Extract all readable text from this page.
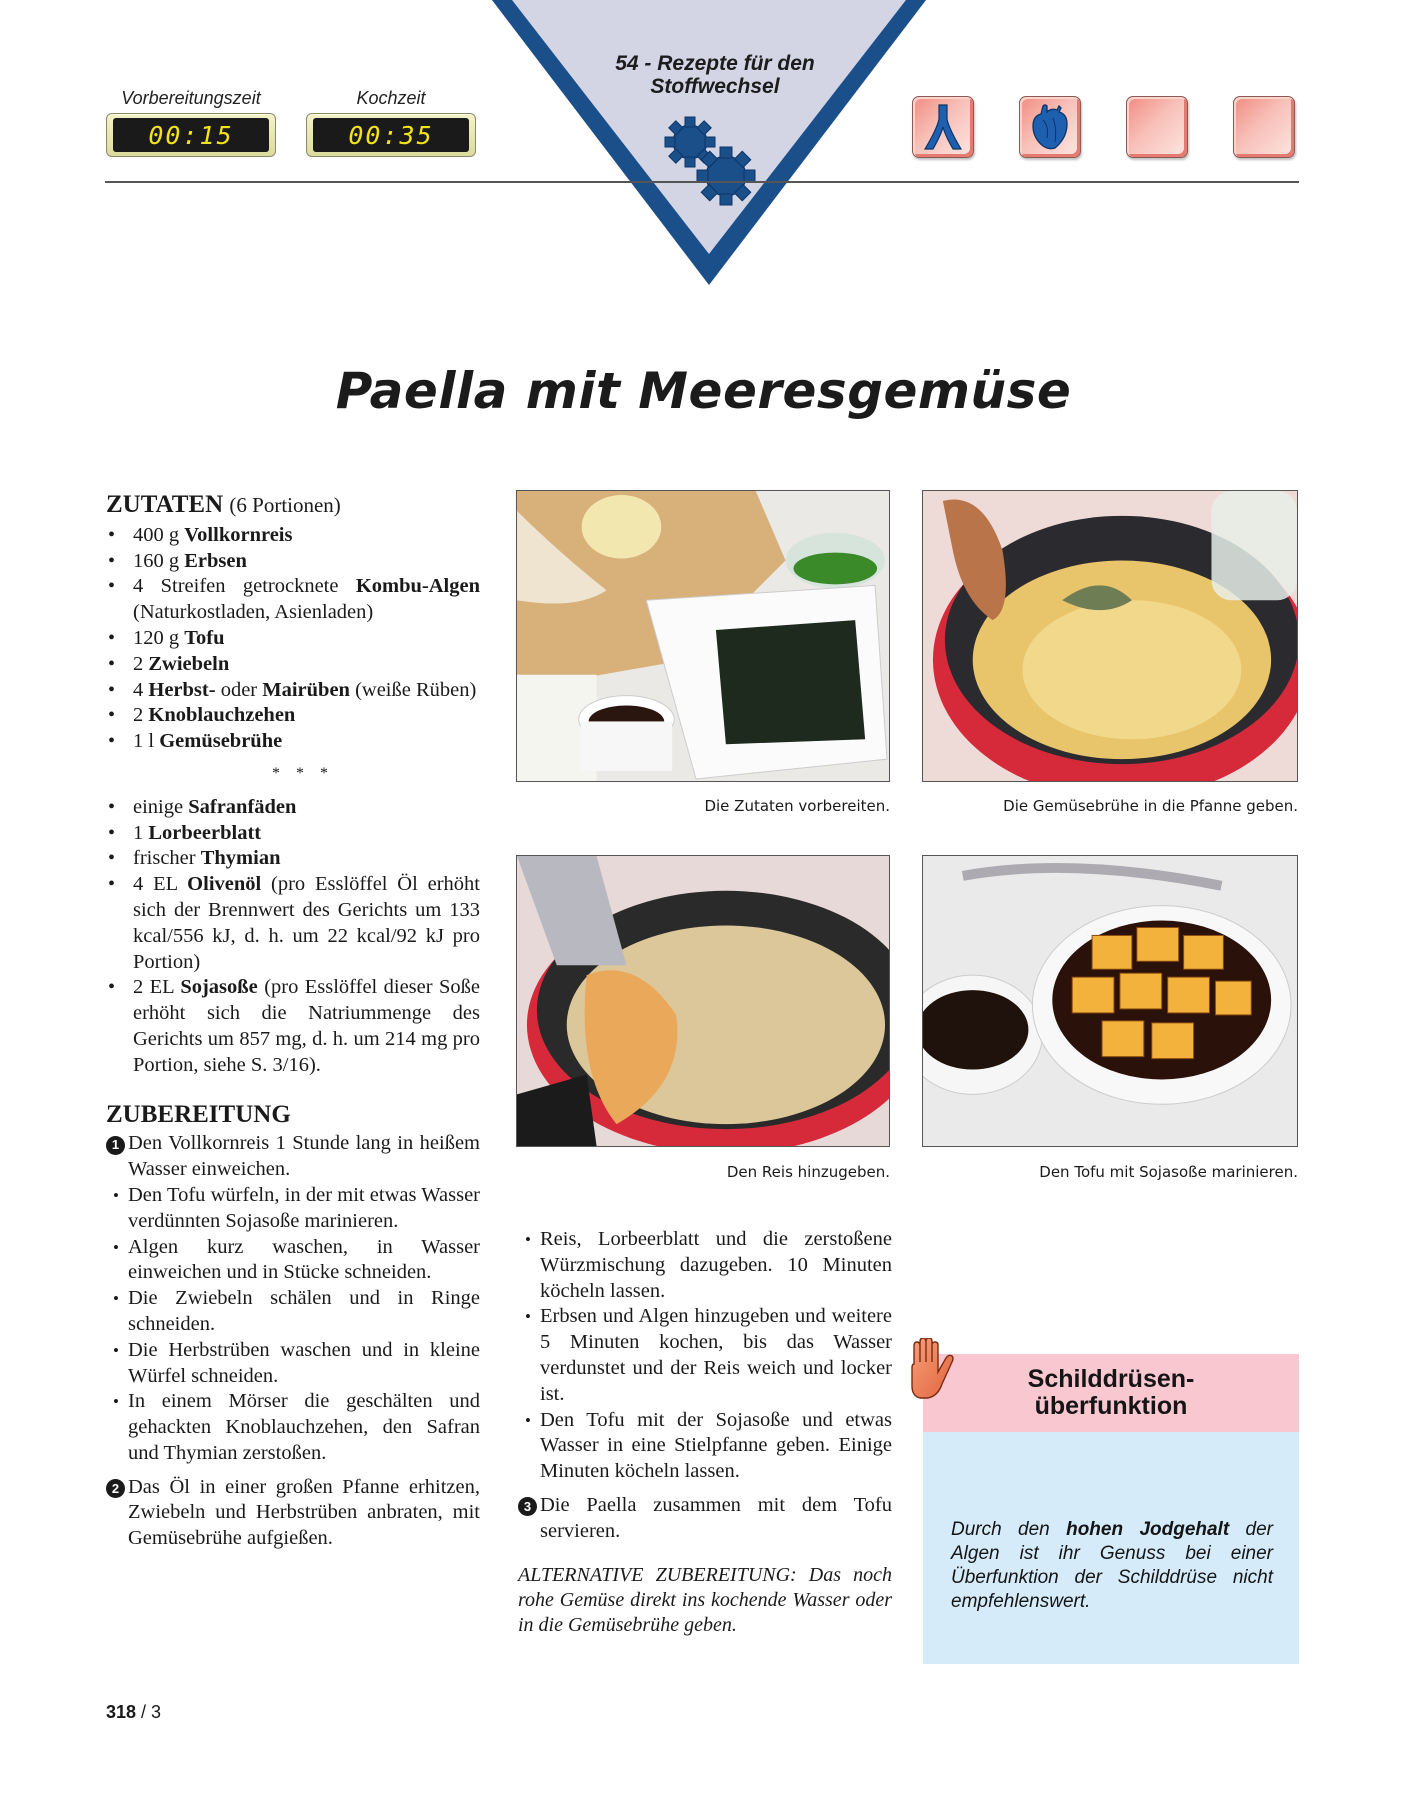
Vorbereitungszeit
00:15
Kochzeit
00:35
54 - Rezepte für den
Stoffwechsel
Paella mit Meeresgemüse
ZUTATEN (6 Portionen)
• 400 g Vollkornreis
• 160 g Erbsen
• 4 Streifen getrocknete Kombu-Algen (Naturkostladen, Asienladen)
• 120 g Tofu
• 2 Zwiebeln
• 4 Herbst- oder Mairüben (weiße Rüben)
• 2 Knoblauchzehen
• 1 l Gemüsebrühe
* * *
• einige Safranfäden
• 1 Lorbeerblatt
• frischer Thymian
• 4 EL Olivenöl (pro Esslöffel Öl erhöht sich der Brennwert des Gerichts um 133 kcal/556 kJ, d. h. um 22 kcal/92 kJ pro Portion)
• 2 EL Sojasoße (pro Esslöffel dieser Soße erhöht sich die Natriummenge des Gerichts um 857 mg, d. h. um 214 mg pro Portion, siehe S. 3/16).
ZUBEREITUNG
1 Den Vollkornreis 1 Stunde lang in heißem Wasser einweichen.
• Den Tofu würfeln, in der mit etwas Wasser verdünnten Sojasoße marinieren.
• Algen kurz waschen, in Wasser einweichen und in Stücke schneiden.
• Die Zwiebeln schälen und in Ringe schneiden.
• Die Herbstrüben waschen und in kleine Würfel schneiden.
• In einem Mörser die geschälten und gehackten Knoblauchzehen, den Safran und Thymian zerstoßen.
2 Das Öl in einer großen Pfanne erhitzen, Zwiebeln und Herbstrüben anbraten, mit Gemüsebrühe aufgießen.
Die Zutaten vorbereiten.	Die Gemüsebrühe in die Pfanne geben.
Den Reis hinzugeben.	Den Tofu mit Sojasoße marinieren.
• Reis, Lorbeerblatt und die zerstoßene Würzmischung dazugeben. 10 Minuten köcheln lassen.
• Erbsen und Algen hinzugeben und weitere 5 Minuten kochen, bis das Wasser verdunstet und der Reis weich und locker ist.
• Den Tofu mit der Sojasoße und etwas Wasser in eine Stielpfanne geben. Einige Minuten köcheln lassen.
3 Die Paella zusammen mit dem Tofu servieren.

ALTERNATIVE ZUBEREITUNG: Das noch rohe Gemüse direkt ins kochende Wasser oder in die Gemüsebrühe geben.

Schilddrüsen-
überfunktion
Durch den hohen Jodgehalt der Algen ist ihr Genuss bei einer Überfunktion der Schilddrüse nicht empfehlenswert.
318 / 3
